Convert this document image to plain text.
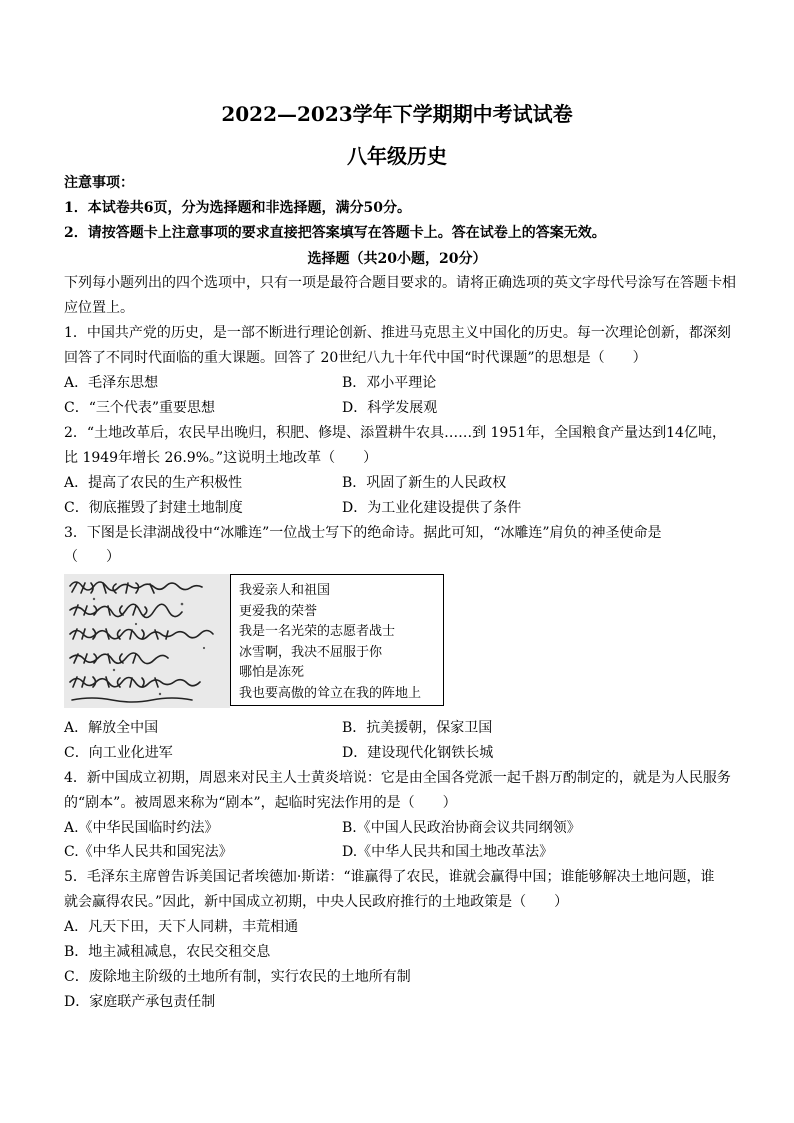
2022—2023学年下学期期中考试试卷
八年级历史
注意事项：
1．本试卷共6页，分为选择题和非选择题，满分50分。
2．请按答题卡上注意事项的要求直接把答案填写在答题卡上。答在试卷上的答案无效。
选择题（共20小题，20分）
下列每小题列出的四个选项中，只有一项是最符合题目要求的。请将正确选项的英文字母代号涂写在答题卡相
应位置上。
1．中国共产党的历史，是一部不断进行理论创新、推进马克思主义中国化的历史。每一次理论创新，都深刻
回答了不同时代面临的重大课题。回答了 20世纪八九十年代中国“时代课题”的思想是（　　）
A．毛泽东思想	B．邓小平理论
C．“三个代表”重要思想	D．科学发展观
2．“土地改革后，农民早出晚归，积肥、修堤、添置耕牛农具……到 1951年，全国粮食产量达到14亿吨，
比 1949年增长 26.9%。”这说明土地改革（　　）
A．提高了农民的生产积极性	B．巩固了新生的人民政权
C．彻底摧毁了封建土地制度	D．为工业化建设提供了条件
3．下图是长津湖战役中“冰雕连”一位战士写下的绝命诗。据此可知，“冰雕连”肩负的神圣使命是
（　　）
我爱亲人和祖国
更爱我的荣誉
我是一名光荣的志愿者战士
冰雪啊，我决不屈服于你
哪怕是冻死
我也要高傲的耸立在我的阵地上
A．解放全中国	B．抗美援朝，保家卫国
C．向工业化进军	D．建设现代化钢铁长城
4．新中国成立初期，周恩来对民主人士黄炎培说：它是由全国各党派一起千斟万酌制定的，就是为人民服务
的“剧本”。被周恩来称为“剧本”，起临时宪法作用的是（　　）
A.《中华民国临时约法》	B.《中国人民政治协商会议共同纲领》
C.《中华人民共和国宪法》	D.《中华人民共和国土地改革法》
5．毛泽东主席曾告诉美国记者埃德加·斯诺：“谁赢得了农民，谁就会赢得中国；谁能够解决土地问题，谁
就会赢得农民。”因此，新中国成立初期，中央人民政府推行的土地政策是（　　）
A．凡天下田，天下人同耕，丰荒相通
B．地主减租减息，农民交租交息
C．废除地主阶级的土地所有制，实行农民的土地所有制
D．家庭联产承包责任制
